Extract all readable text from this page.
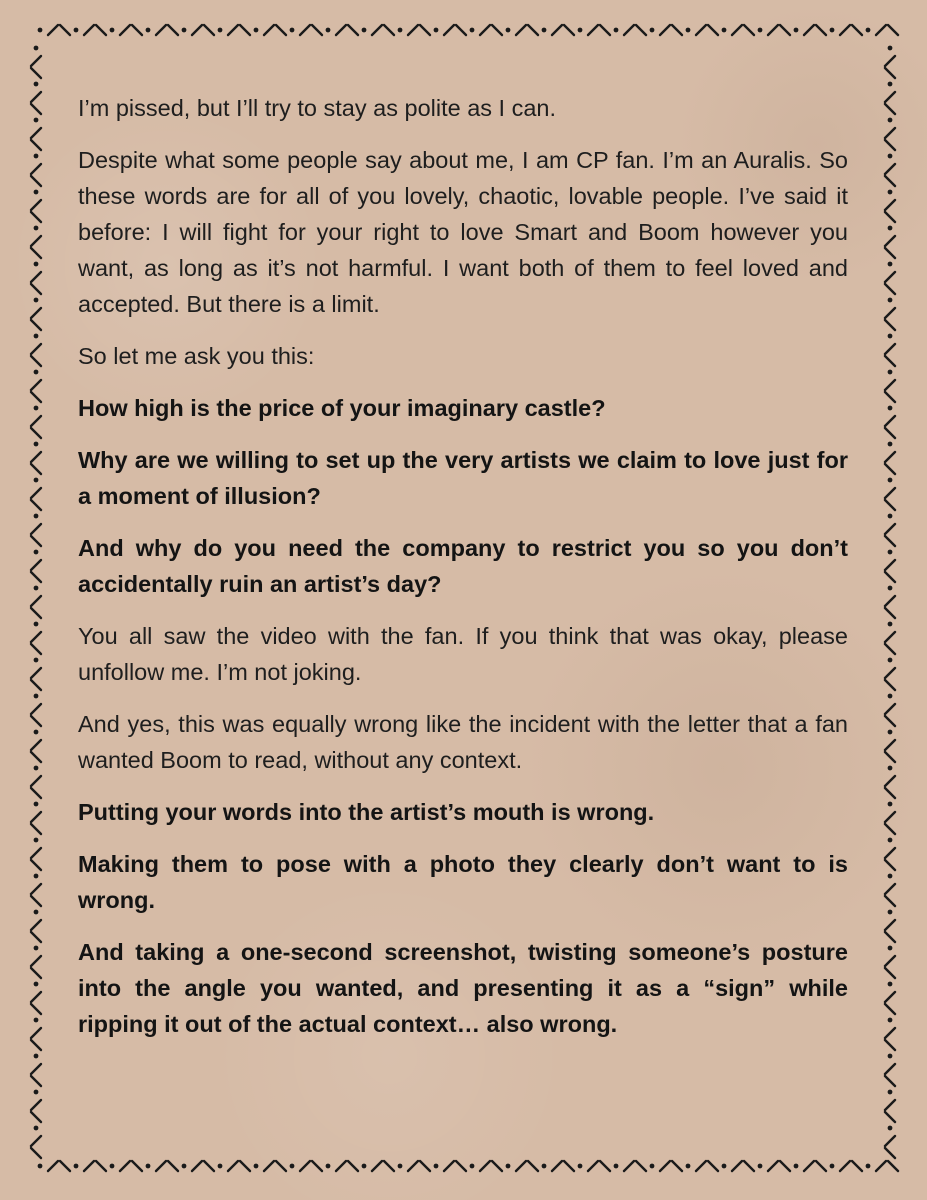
I’m pissed, but I’ll try to stay as polite as I can.

Despite what some people say about me, I am CP fan. I’m an Auralis. So these words are for all of you lovely, chaotic, lovable people. I’ve said it before: I will fight for your right to love Smart and Boom however you want, as long as it’s not harmful. I want both of them to feel loved and accepted. But there is a limit.

So let me ask you this:

How high is the price of your imaginary castle?

Why are we willing to set up the very artists we claim to love just for a moment of illusion?

And why do you need the company to restrict you so you don’t accidentally ruin an artist’s day?

You all saw the video with the fan. If you think that was okay, please unfollow me. I’m not joking.

And yes, this was equally wrong like the incident with the letter that a fan wanted Boom to read, without any context.

Putting your words into the artist’s mouth is wrong.

Making them to pose with a photo they clearly don’t want to is wrong.

And taking a one-second screenshot, twisting someone’s posture into the angle you wanted, and presenting it as a “sign” while ripping it out of the actual context… also wrong.
